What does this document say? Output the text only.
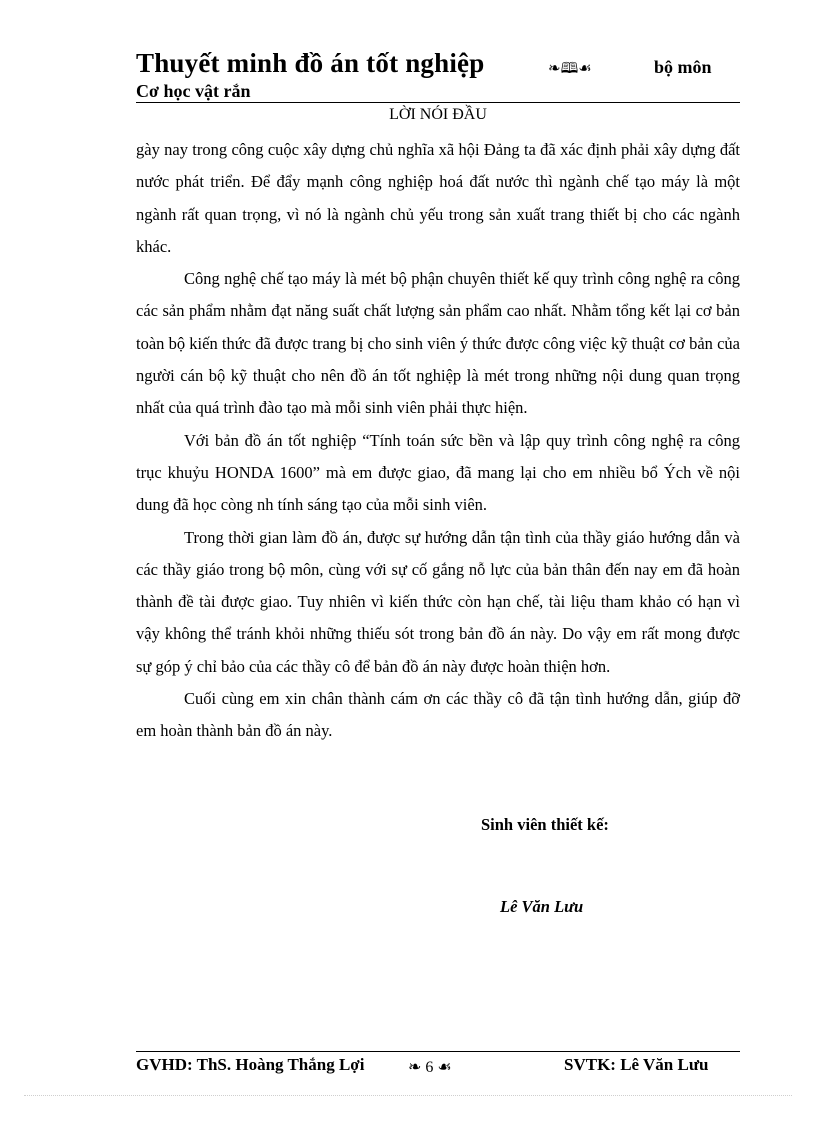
Thuyết minh đồ án tốt nghiệp	❧🕮☙	bộ môn
Cơ học vật rắn
LỜI NÓI ĐẦU

gày nay trong công cuộc xây dựng chủ nghĩa xã hội Đảng ta đã xác định phải xây dựng đất nước phát triển. Để đẩy mạnh công nghiệp hoá đất nước thì ngành chế tạo máy là một ngành rất quan trọng, vì nó là ngành chủ yếu trong sản xuất trang thiết bị cho các ngành khác.

Công nghệ chế tạo máy là mét bộ phận chuyên thiết kế quy trình công nghệ ra công các sản phẩm nhằm đạt năng suất chất lượng sản phẩm cao nhất. Nhằm tổng kết lại cơ bản toàn bộ kiến thức đã được trang bị cho sinh viên ý thức được công việc kỹ thuật cơ bản của người cán bộ kỹ thuật cho nên đồ án tốt nghiệp là mét trong những nội dung quan trọng nhất của quá trình đào tạo mà mỗi sinh viên phải thực hiện.

Với bản đồ án tốt nghiệp “Tính toán sức bền và lập quy trình công nghệ ra công trục khuỷu HONDA 1600” mà em được giao, đã mang lại cho em nhiều bổ Ých về nội dung đã học còng nh tính sáng tạo của mỗi sinh viên.

Trong thời gian làm đồ án, được sự hướng dẫn tận tình của thầy giáo hướng dẫn và các thầy giáo trong bộ môn, cùng với sự cố gắng nỗ lực của bản thân đến nay em đã hoàn thành đề tài được giao. Tuy nhiên vì kiến thức còn hạn chế, tài liệu tham khảo có hạn vì vậy không thể tránh khỏi những thiếu sót trong bản đồ án này. Do vậy em rất mong được sự góp ý chỉ bảo của các thầy cô để bản đồ án này được hoàn thiện hơn.

Cuối cùng em xin chân thành cám ơn các thầy cô đã tận tình hướng dẫn, giúp đỡ em hoàn thành bản đồ án này.

Sinh viên thiết kế:
Lê Văn Lưu
GVHD: ThS. Hoàng Thắng Lợi	❧ 6 ☙	SVTK: Lê Văn Lưu
